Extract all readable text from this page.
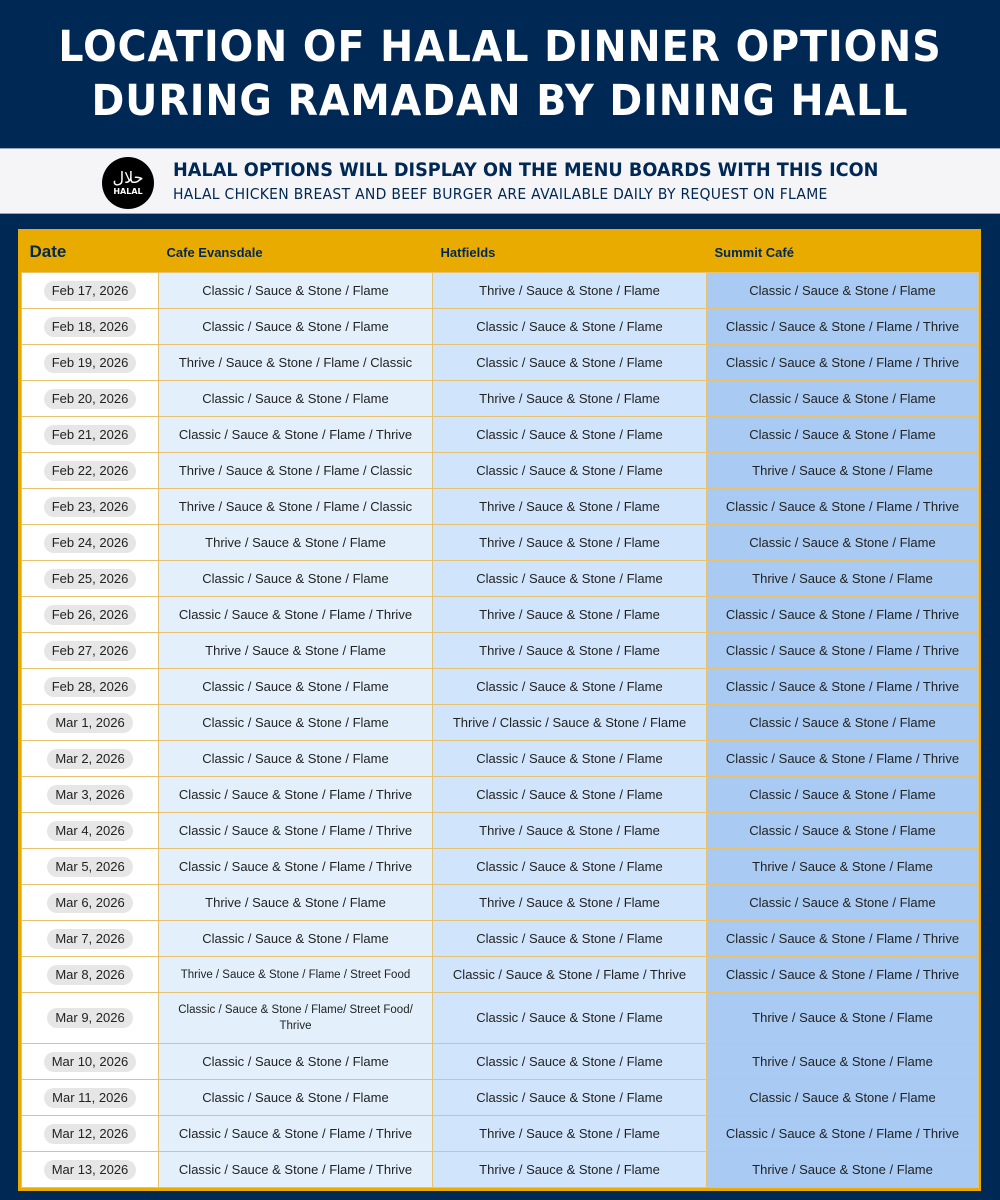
LOCATION OF HALAL DINNER OPTIONS
DURING RAMADAN BY DINING HALL
حلال
HALAL
HALAL OPTIONS WILL DISPLAY ON THE MENU BOARDS WITH THIS ICON
HALAL CHICKEN BREAST AND BEEF BURGER ARE AVAILABLE DAILY BY REQUEST ON FLAME
Date	Cafe Evansdale	Hatfields	Summit Café
Feb 17, 2026	Classic / Sauce & Stone / Flame	Thrive / Sauce & Stone / Flame	Classic / Sauce & Stone / Flame
Feb 18, 2026	Classic / Sauce & Stone / Flame	Classic / Sauce & Stone / Flame	Classic / Sauce & Stone / Flame / Thrive
Feb 19, 2026	Thrive / Sauce & Stone / Flame / Classic	Classic / Sauce & Stone / Flame	Classic / Sauce & Stone / Flame / Thrive
Feb 20, 2026	Classic / Sauce & Stone / Flame	Thrive / Sauce & Stone / Flame	Classic / Sauce & Stone / Flame
Feb 21, 2026	Classic / Sauce & Stone / Flame / Thrive	Classic / Sauce & Stone / Flame	Classic / Sauce & Stone / Flame
Feb 22, 2026	Thrive / Sauce & Stone / Flame / Classic	Classic / Sauce & Stone / Flame	Thrive / Sauce & Stone / Flame
Feb 23, 2026	Thrive / Sauce & Stone / Flame / Classic	Thrive / Sauce & Stone / Flame	Classic / Sauce & Stone / Flame / Thrive
Feb 24, 2026	Thrive / Sauce & Stone / Flame	Thrive / Sauce & Stone / Flame	Classic / Sauce & Stone / Flame
Feb 25, 2026	Classic / Sauce & Stone / Flame	Classic / Sauce & Stone / Flame	Thrive / Sauce & Stone / Flame
Feb 26, 2026	Classic / Sauce & Stone / Flame / Thrive	Thrive / Sauce & Stone / Flame	Classic / Sauce & Stone / Flame / Thrive
Feb 27, 2026	Thrive / Sauce & Stone / Flame	Thrive / Sauce & Stone / Flame	Classic / Sauce & Stone / Flame / Thrive
Feb 28, 2026	Classic / Sauce & Stone / Flame	Classic / Sauce & Stone / Flame	Classic / Sauce & Stone / Flame / Thrive
Mar 1, 2026	Classic / Sauce & Stone / Flame	Thrive / Classic / Sauce & Stone / Flame	Classic / Sauce & Stone / Flame
Mar 2, 2026	Classic / Sauce & Stone / Flame	Classic / Sauce & Stone / Flame	Classic / Sauce & Stone / Flame / Thrive
Mar 3, 2026	Classic / Sauce & Stone / Flame / Thrive	Classic / Sauce & Stone / Flame	Classic / Sauce & Stone / Flame
Mar 4, 2026	Classic / Sauce & Stone / Flame / Thrive	Thrive / Sauce & Stone / Flame	Classic / Sauce & Stone / Flame
Mar 5, 2026	Classic / Sauce & Stone / Flame / Thrive	Classic / Sauce & Stone / Flame	Thrive / Sauce & Stone / Flame
Mar 6, 2026	Thrive / Sauce & Stone / Flame	Thrive / Sauce & Stone / Flame	Classic / Sauce & Stone / Flame
Mar 7, 2026	Classic / Sauce & Stone / Flame	Classic / Sauce & Stone / Flame	Classic / Sauce & Stone / Flame / Thrive
Mar 8, 2026	Thrive / Sauce & Stone / Flame / Street Food	Classic / Sauce & Stone / Flame / Thrive	Classic / Sauce & Stone / Flame / Thrive
Mar 9, 2026	Classic / Sauce & Stone / Flame/ Street Food/ Thrive	Classic / Sauce & Stone / Flame	Thrive / Sauce & Stone / Flame
Mar 10, 2026	Classic / Sauce & Stone / Flame	Classic / Sauce & Stone / Flame	Thrive / Sauce & Stone / Flame
Mar 11, 2026	Classic / Sauce & Stone / Flame	Classic / Sauce & Stone / Flame	Classic / Sauce & Stone / Flame
Mar 12, 2026	Classic / Sauce & Stone / Flame / Thrive	Thrive / Sauce & Stone / Flame	Classic / Sauce & Stone / Flame / Thrive
Mar 13, 2026	Classic / Sauce & Stone / Flame / Thrive	Thrive / Sauce & Stone / Flame	Thrive / Sauce & Stone / Flame
